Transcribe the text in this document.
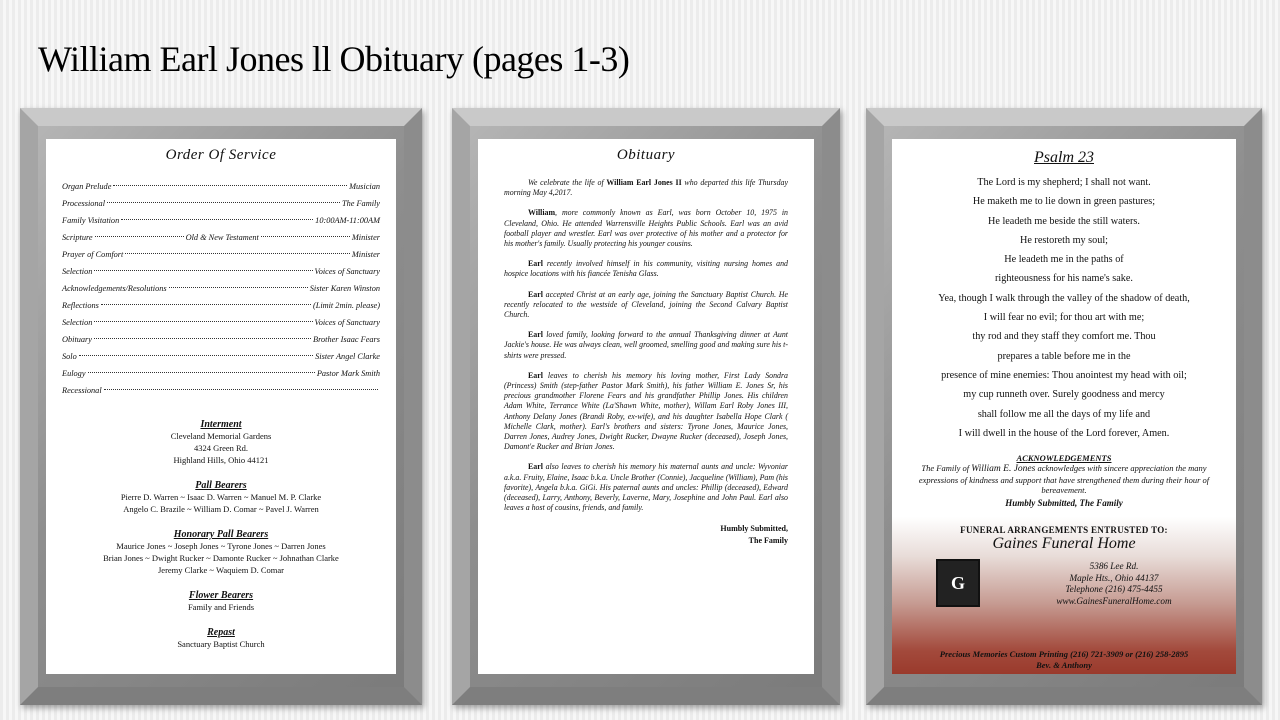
William Earl Jones ll Obituary (pages 1-3)
Order Of Service
Organ Prelude	Musician
Processional	The Family
Family Visitation	10:00AM-11:00AM
Scripture	Old & New Testament	Minister
Prayer of Comfort	Minister
Selection	Voices of Sanctuary
Acknowledgements/Resolutions	Sister Karen Winston
Reflections	(Limit 2min. please)
Selection	Voices of Sanctuary
Obituary	Brother Isaac Fears
Solo	Sister Angel Clarke
Eulogy	Pastor Mark Smith
Recessional
Interment
Cleveland Memorial Gardens
4324 Green Rd.
Highland Hills, Ohio 44121
Pall Bearers
Pierre D. Warren ~ Isaac D. Warren ~ Manuel M. P. Clarke
Angelo C. Brazile ~ William D. Comar ~ Pavel J. Warren
Honorary Pall Bearers
Maurice Jones ~ Joseph Jones ~ Tyrone Jones ~ Darren Jones
Brian Jones ~ Dwight Rucker ~ Damonte Rucker ~ Johnathan Clarke
Jeremy Clarke ~ Waquiem D. Comar
Flower Bearers
Family and Friends
Repast
Sanctuary Baptist Church
Obituary

We celebrate the life of William Earl Jones II who departed this life Thursday morning May 4,2017.

William, more commonly known as Earl, was born October 10, 1975 in Cleveland, Ohio. He attended Warrensville Heights Public Schools. Earl was an avid football player and wrestler. Earl was over protective of his mother and a protector for his mother's family. Usually protecting his younger cousins.

Earl recently involved himself in his community, visiting nursing homes and hospice locations with his fiancée Tenisha Glass.

Earl accepted Christ at an early age, joining the Sanctuary Baptist Church. He recently relocated to the westside of Cleveland, joining the Second Calvary Baptist Church.

Earl loved family, looking forward to the annual Thanksgiving dinner at Aunt Jackie's house. He was always clean, well groomed, smelling good and making sure his t-shirts were pressed.

Earl leaves to cherish his memory his loving mother, First Lady Sondra (Princess) Smith (step-father Pastor Mark Smith), his father William E. Jones Sr, his precious grandmother Florene Fears and his grandfather Phillip Jones. His children Adam White, Terrance White (La'Shawn White, mother), Willam Earl Roby Jones III, Anthony Delany Jones (Brandi Roby, ex-wife), and his daughter Isabella Hope Clark ( Michelle Clark, mother). Earl's brothers and sisters: Tyrone Jones, Maurice Jones, Darren Jones, Audrey Jones, Dwight Rucker, Dwayne Rucker (deceased), Joseph Jones, Damont'e Rucker and Brian Jones.

Earl also leaves to cherish his memory his maternal aunts and uncle: Wyvoniar a.k.a. Fruity, Elaine, Isaac b.k.a. Uncle Brother (Connie), Jacqueline (William), Pam (his favorite), Angela b.k.a. GiGi. His paternal aunts and uncles: Phillip (deceased), Edward (deceased), Larry, Anthony, Beverly, Laverne, Mary, Josephine and John Paul. Earl also leaves a host of cousins, friends, and family.

Humbly Submitted,
The Family
Psalm 23
The Lord is my shepherd; I shall not want.
He maketh me to lie down in green pastures;
He leadeth me beside the still waters.
He restoreth my soul;
He leadeth me in the paths of
righteousness for his name's sake.
Yea, though I walk through the valley of the shadow of death,
I will fear no evil; for thou art with me;
thy rod and they staff they comfort me. Thou
prepares a table before me in the
presence of mine enemies: Thou anointest my head with oil;
my cup runneth over. Surely goodness and mercy
shall follow me all the days of my life and
I will dwell in the house of the Lord forever, Amen.
ACKNOWLEDGEMENTS
The Family of William E. Jones acknowledges with sincere appreciation the many expressions of kindness and support that have strengthened them during their hour of bereavement.
Humbly Submitted, The Family
FUNERAL ARRANGEMENTS ENTRUSTED TO:
Gaines Funeral Home
G
5386 Lee Rd.
Maple Hts., Ohio 44137
Telephone (216) 475-4455
www.GainesFuneralHome.com
Precious Memories Custom Printing (216) 721-3909 or (216) 258-2895
Bev. & Anthony
